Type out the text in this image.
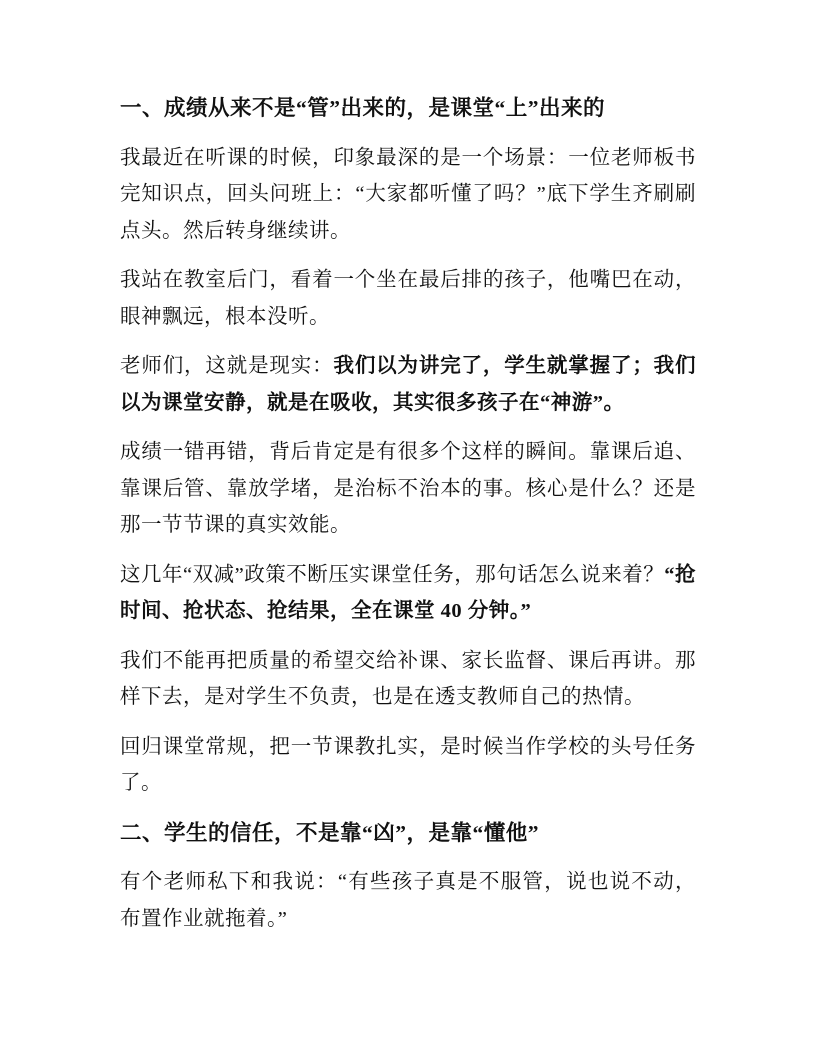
一、成绩从来不是“管”出来的，是课堂“上”出来的

我最近在听课的时候，印象最深的是一个场景：一位老师板书完知识点，回头问班上：“大家都听懂了吗？”底下学生齐刷刷点头。然后转身继续讲。

我站在教室后门，看着一个坐在最后排的孩子，他嘴巴在动，眼神飘远，根本没听。

老师们，这就是现实：我们以为讲完了，学生就掌握了；我们以为课堂安静，就是在吸收，其实很多孩子在“神游”。

成绩一错再错，背后肯定是有很多个这样的瞬间。靠课后追、靠课后管、靠放学堵，是治标不治本的事。核心是什么？还是那一节节课的真实效能。

这几年“双减”政策不断压实课堂任务，那句话怎么说来着？“抢时间、抢状态、抢结果，全在课堂 40 分钟。”

我们不能再把质量的希望交给补课、家长监督、课后再讲。那样下去，是对学生不负责，也是在透支教师自己的热情。

回归课堂常规，把一节课教扎实，是时候当作学校的头号任务了。

二、学生的信任，不是靠“凶”，是靠“懂他”

有个老师私下和我说：“有些孩子真是不服管，说也说不动，布置作业就拖着。”
